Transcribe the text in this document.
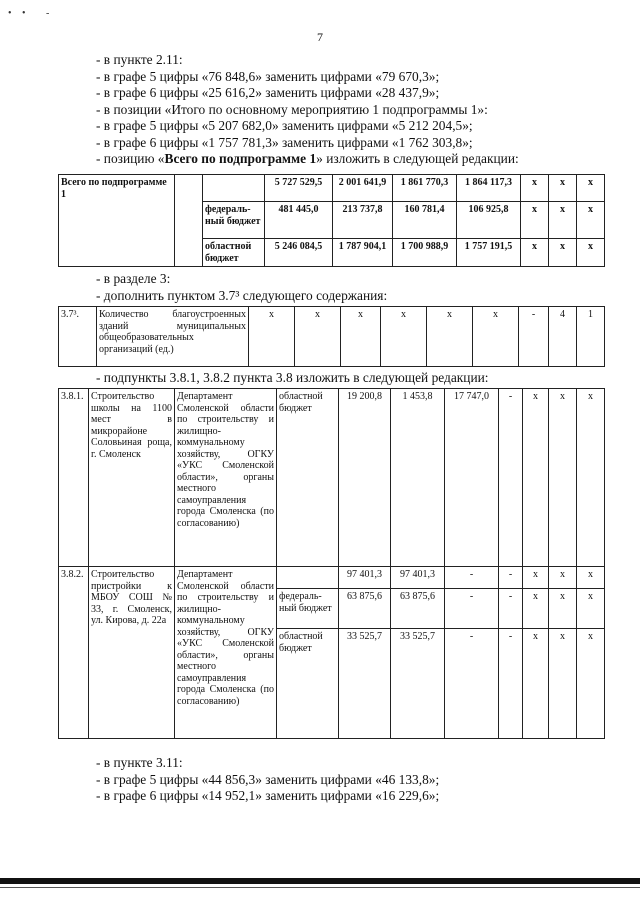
• • -
7
- в пункте 2.11:
- в графе 5 цифры «76 848,6» заменить цифрами «79 670,3»;
- в графе 6 цифры «25 616,2» заменить цифрами «28 437,9»;
- в позиции «Итого по основному мероприятию 1 подпрограммы 1»:
- в графе 5 цифры «5 207 682,0» заменить цифрами «5 212 204,5»;
- в графе 6 цифры «1 757 781,3» заменить цифрами «1 762 303,8»;
- позицию «Всего по подпрограмме 1» изложить в следующей редакции:
Всего по подпрограмме 1			5 727 529,5	2 001 641,9	1 861 770,3	1 864 117,3	x	x	x
		федераль-ный бюджет	481 445,0	213 737,8	160 781,4	106 925,8	x	x	x
		областной бюджет	5 246 084,5	1 787 904,1	1 700 988,9	1 757 191,5	x	x	x
- в разделе 3:
- дополнить пунктом 3.7³ следующего содержания:
3.7³.	Количество благоустроенных зданий муниципальных общеобразовательных организаций (ед.)	x	x	x	x	x	x	-	4	1
- подпункты 3.8.1, 3.8.2 пункта 3.8 изложить в следующей редакции:
3.8.1.	Строительство школы на 1100 мест в микрорайоне Соловьиная роща, г. Смоленск	Департамент Смоленской области по строительству и жилищно-коммунальному хозяйству, ОГКУ «УКС Смоленской области», органы местного самоуправления города Смоленска (по согласованию)	областной бюджет	19 200,8	1 453,8	17 747,0	-	x	x	x
3.8.2.	Строительство пристройки к МБОУ СОШ № 33, г. Смоленск, ул. Кирова, д. 22а	Департамент Смоленской области по строительству и жилищно-коммунальному хозяйству, ОГКУ «УКС Смоленской области», органы местного самоуправления города Смоленска (по согласованию)		97 401,3	97 401,3	-	-	x	x	x
			федераль-ный бюджет	63 875,6	63 875,6	-	-	x	x	x
			областной бюджет	33 525,7	33 525,7	-	-	x	x	x
- в пункте 3.11:
- в графе 5 цифры «44 856,3» заменить цифрами «46 133,8»;
- в графе 6 цифры «14 952,1» заменить цифрами «16 229,6»;
